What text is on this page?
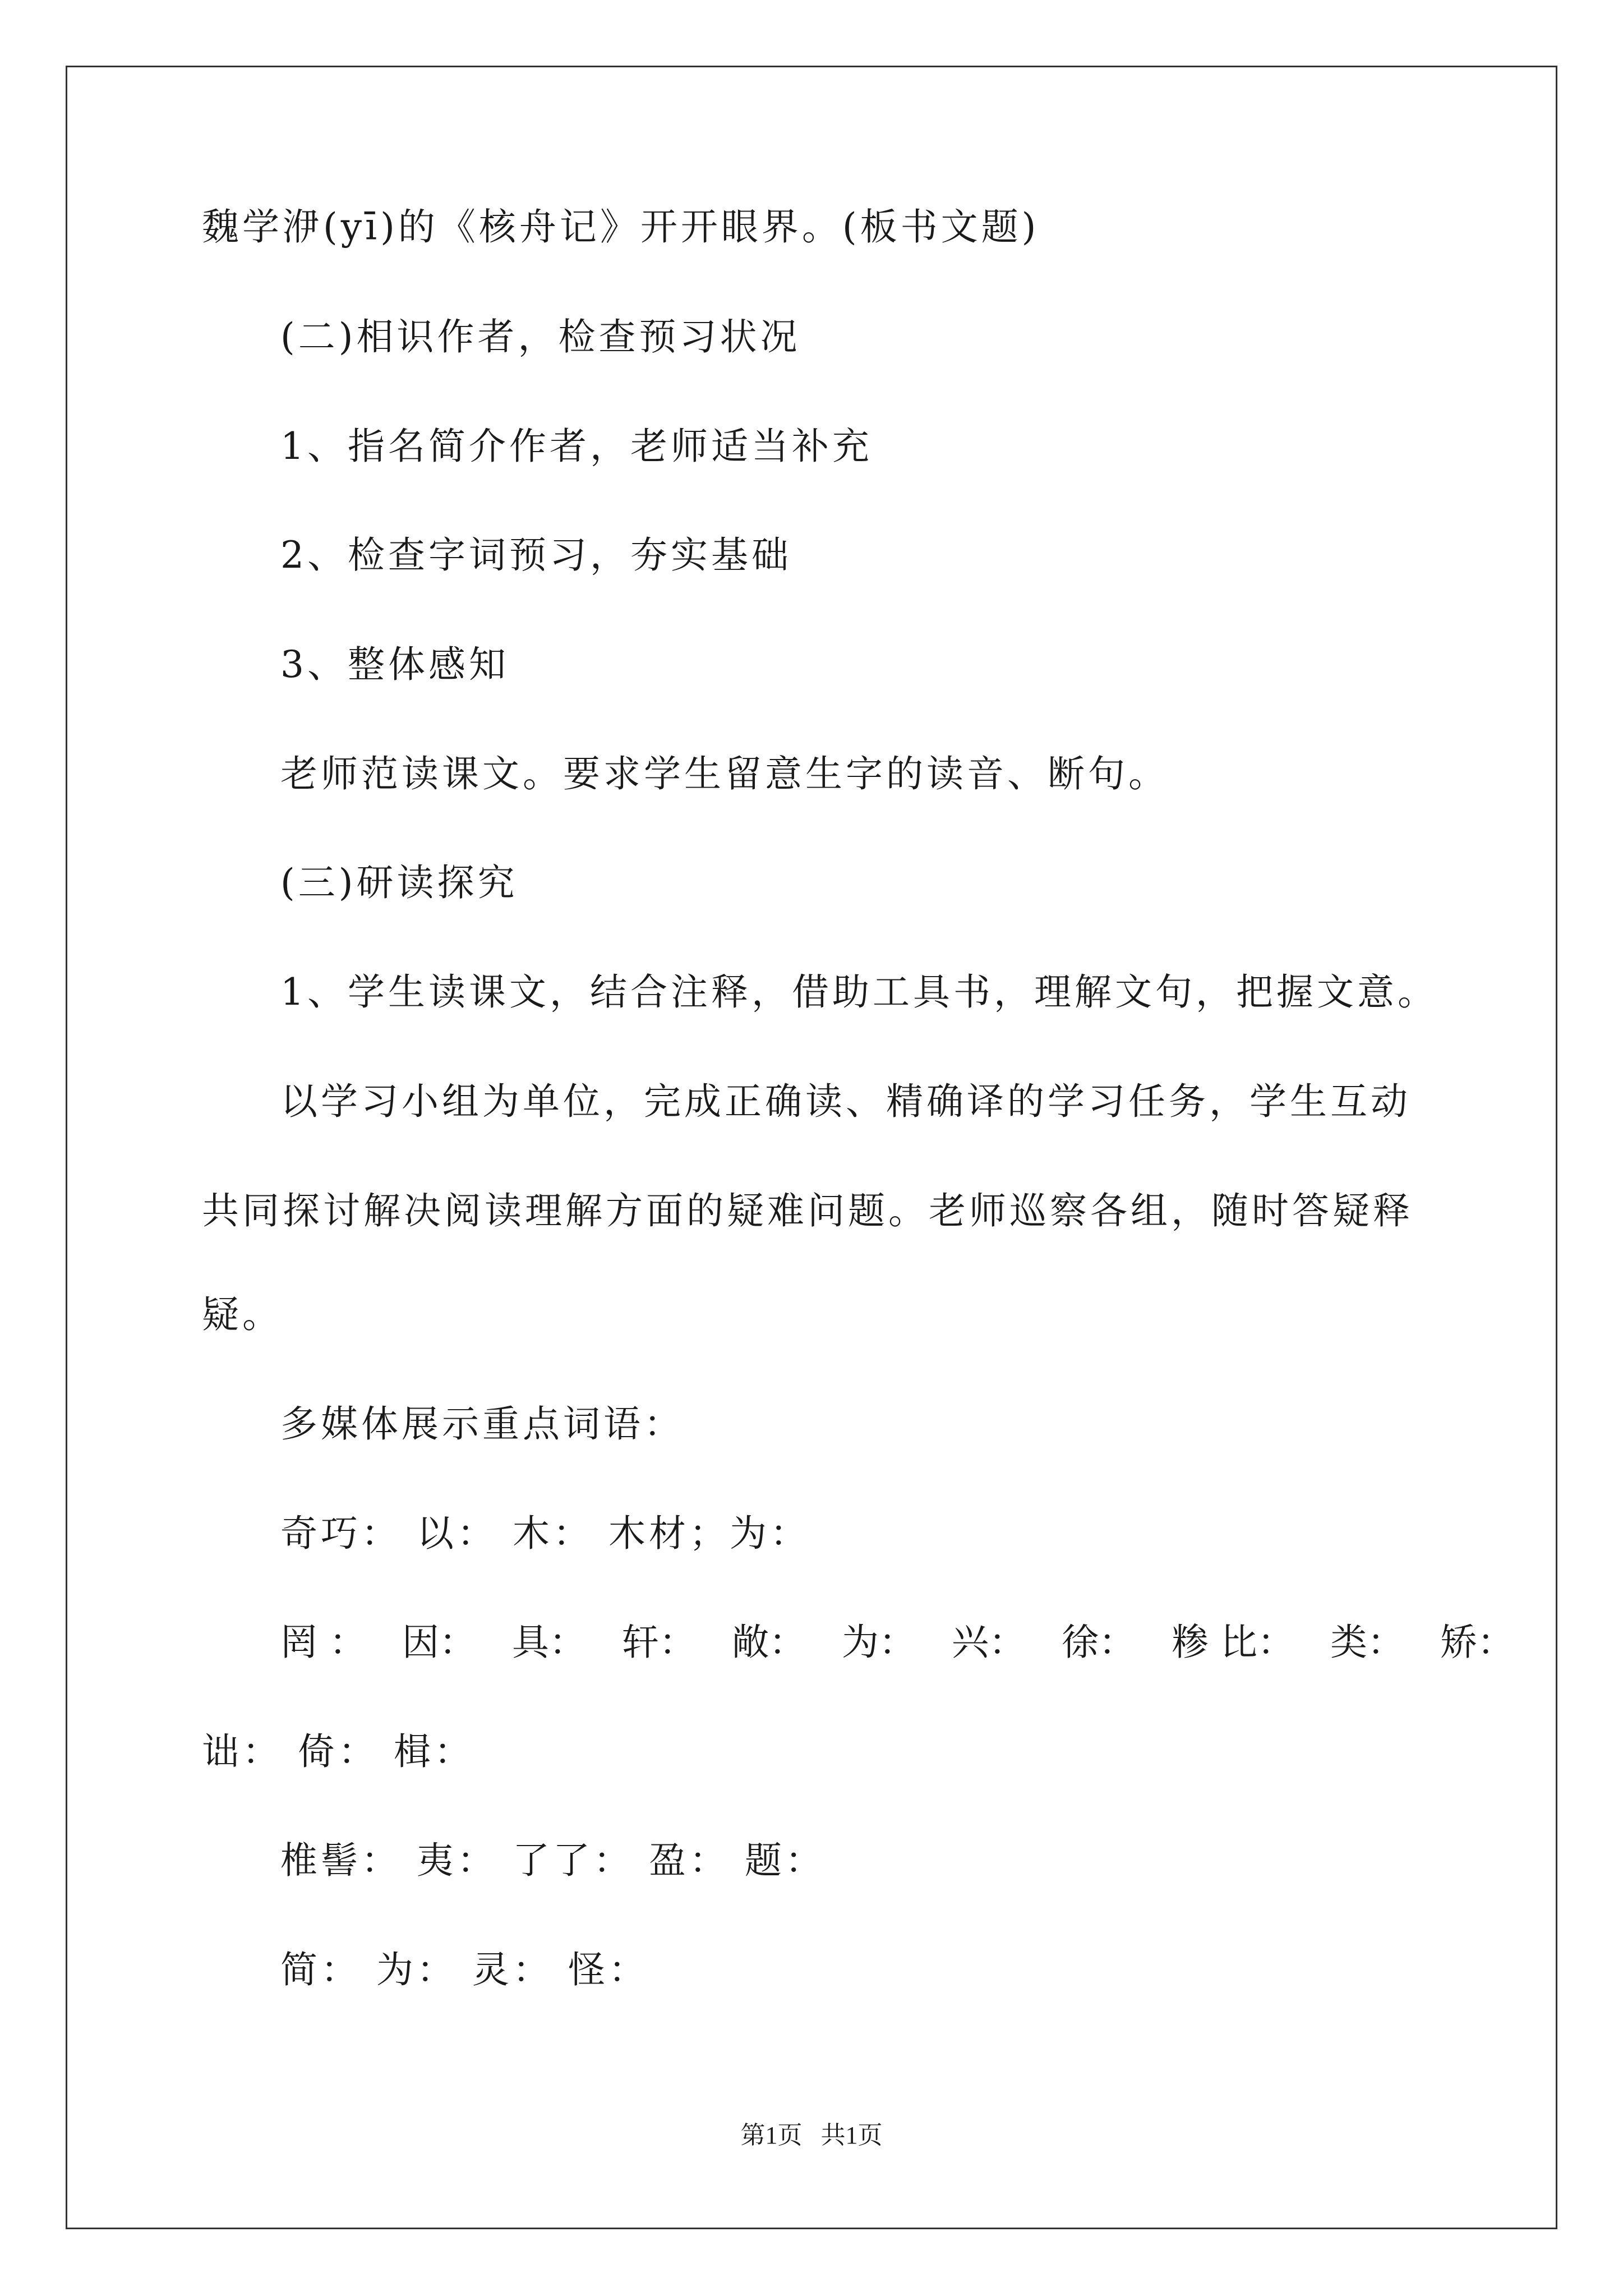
魏学洢(yī)的《核舟记》开开眼界。(板书文题)
(二)相识作者，检查预习状况
1、指名简介作者，老师适当补充
2、检查字词预习，夯实基础
3、整体感知
老师范读课文。要求学生留意生字的读音、断句。
(三)研读探究
1、学生读课文，结合注释，借助工具书，理解文句，把握文意。
以学习小组为单位，完成正确读、精确译的学习任务，学生互动
共同探讨解决阅读理解方面的疑难问题。老师巡察各组，随时答疑释
疑。
多媒体展示重点词语：
奇巧： 以： 木： 木材；为：
罔 ： 因： 具： 轩： 敞： 为： 兴： 徐： 糁 比： 类： 矫：
诎： 倚： 楫：
椎髻： 夷： 了了： 盈： 题：
简： 为： 灵： 怪：
第1页   共1页
